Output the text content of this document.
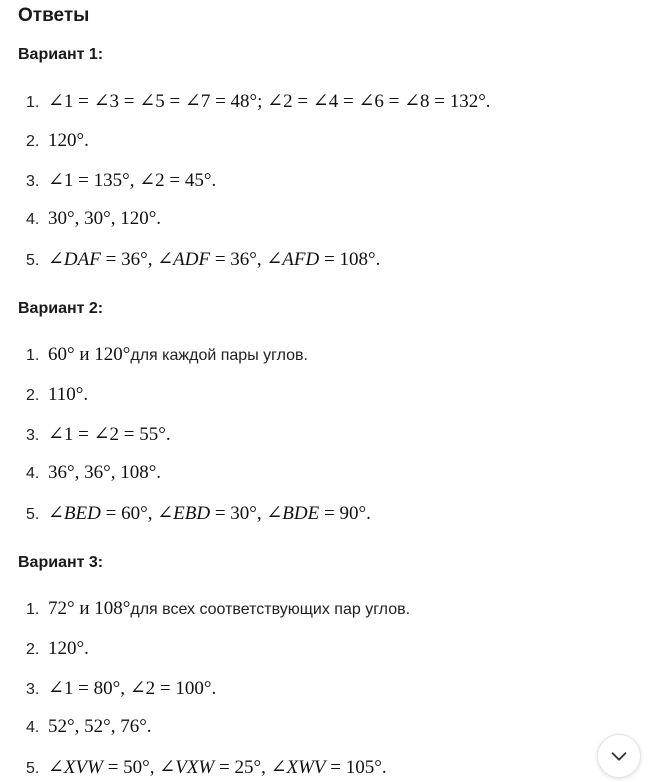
Ответы
Вариант 1:
1. ∠1 = ∠3 = ∠5 = ∠7 = 48°; ∠2 = ∠4 = ∠6 = ∠8 = 132°.
2. 120°.
3. ∠1 = 135°, ∠2 = 45°.
4. 30°, 30°, 120°.
5. ∠DAF = 36°, ∠ADF = 36°, ∠AFD = 108°.
Вариант 2:
1. 60° и 120° для каждой пары углов.
2. 110°.
3. ∠1 = ∠2 = 55°.
4. 36°, 36°, 108°.
5. ∠BED = 60°, ∠EBD = 30°, ∠BDE = 90°.
Вариант 3:
1. 72° и 108° для всех соответствующих пар углов.
2. 120°.
3. ∠1 = 80°, ∠2 = 100°.
4. 52°, 52°, 76°.
5. ∠XVW = 50°, ∠VXW = 25°, ∠XWV = 105°.
